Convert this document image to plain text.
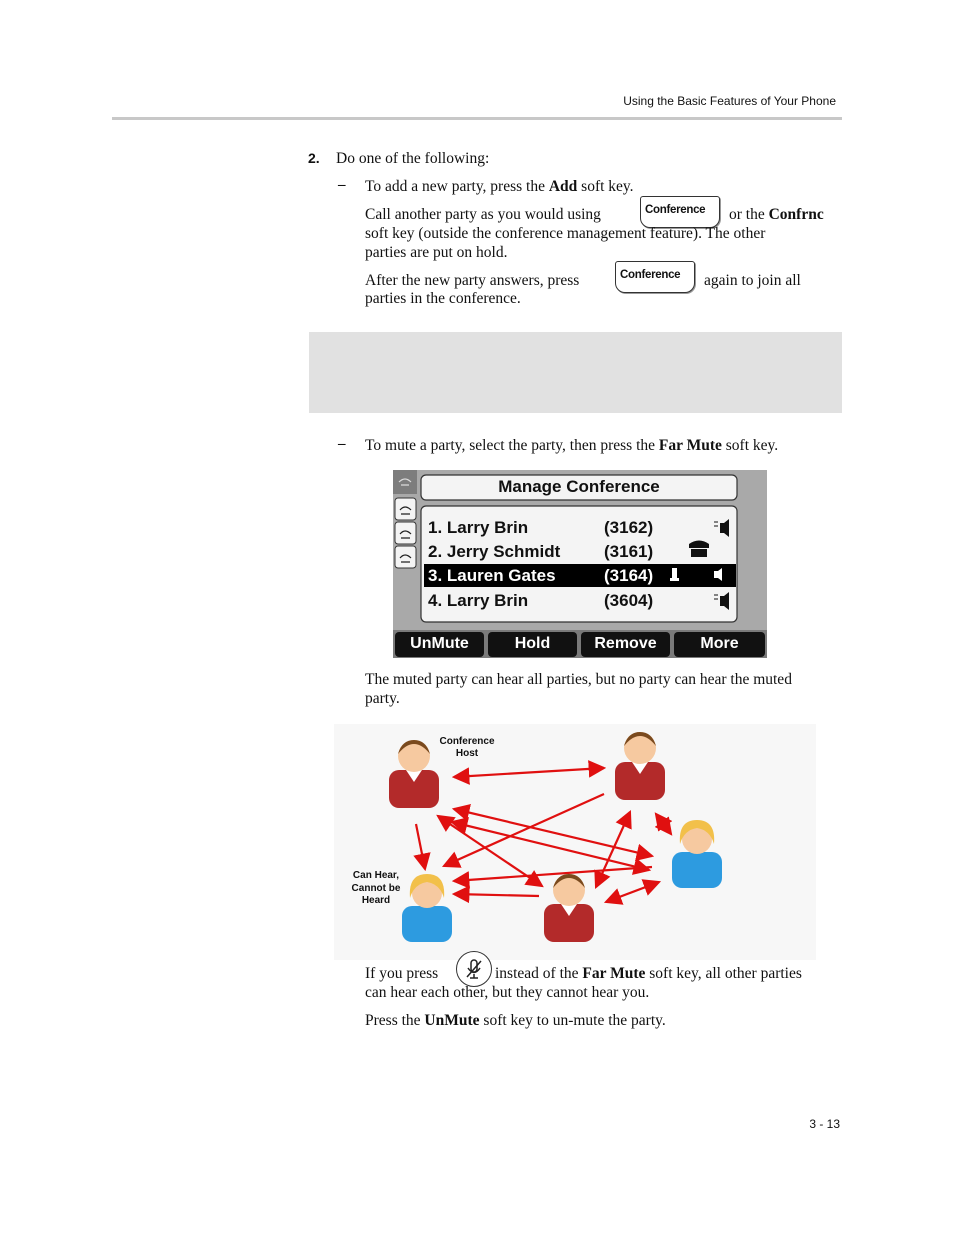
Using the Basic Features of Your Phone
2. Do one of the following:
– To add a new party, press the Add soft key.
Call another party as you would using	Conference or the Confrnc
soft key (outside the conference management feature). The other
parties are put on hold.
After the new party answers, press	Conference again to join all
parties in the conference.
– To mute a party, select the party, then press the Far Mute soft key.
Manage Conference
1. Larry Brin	(3162)
2. Jerry Schmidt	(3161)
3. Lauren Gates	(3164)
4. Larry Brin	(3604)
UnMute	Hold	Remove	More
The muted party can hear all parties, but no party can hear the muted
party.
Conference
Host
Can Hear,
Cannot be
Heard
If you press	instead of the Far Mute soft key, all other parties
can hear each other, but they cannot hear you.
Press the UnMute soft key to un-mute the party.
3 - 13
